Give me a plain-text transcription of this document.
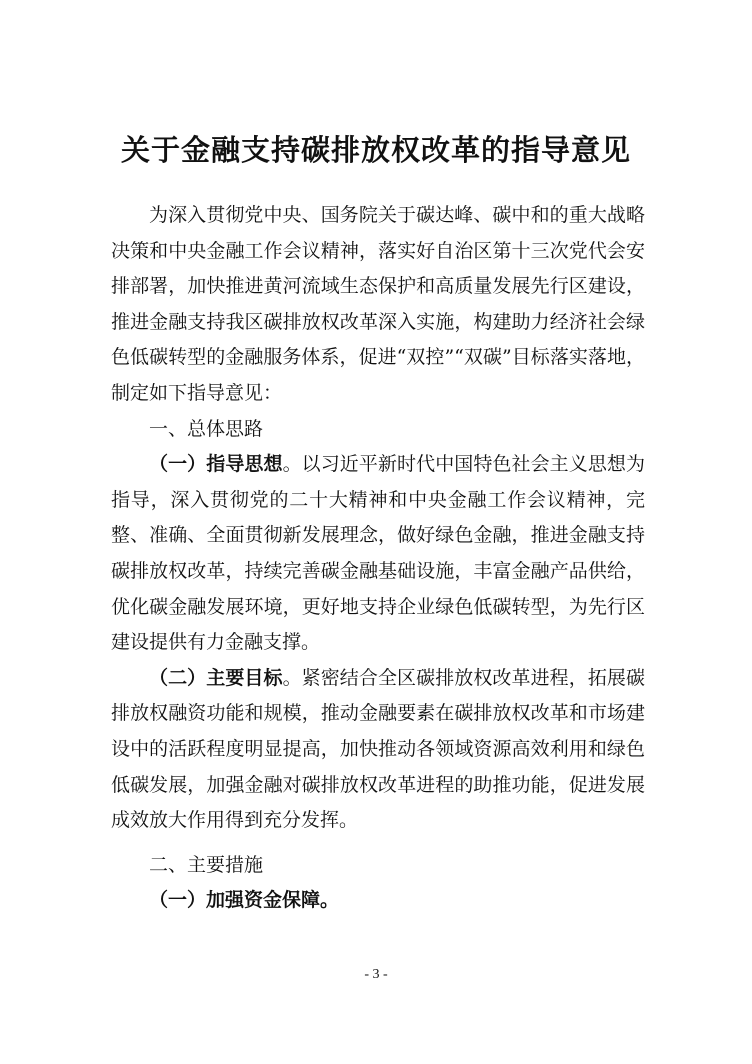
关于金融支持碳排放权改革的指导意见

为深入贯彻党中央、国务院关于碳达峰、碳中和的重大战略决策和中央金融工作会议精神，落实好自治区第十三次党代会安排部署，加快推进黄河流域生态保护和高质量发展先行区建设，推进金融支持我区碳排放权改革深入实施，构建助力经济社会绿色低碳转型的金融服务体系，促进“双控”“双碳”目标落实落地，制定如下指导意见：

一、总体思路

（一）指导思想。以习近平新时代中国特色社会主义思想为指导，深入贯彻党的二十大精神和中央金融工作会议精神，完整、准确、全面贯彻新发展理念，做好绿色金融，推进金融支持碳排放权改革，持续完善碳金融基础设施，丰富金融产品供给，优化碳金融发展环境，更好地支持企业绿色低碳转型，为先行区建设提供有力金融支撑。

（二）主要目标。紧密结合全区碳排放权改革进程，拓展碳排放权融资功能和规模，推动金融要素在碳排放权改革和市场建设中的活跃程度明显提高，加快推动各领域资源高效利用和绿色低碳发展，加强金融对碳排放权改革进程的助推功能，促进发展成效放大作用得到充分发挥。

二、主要措施

（一）加强资金保障。

- 3 -
